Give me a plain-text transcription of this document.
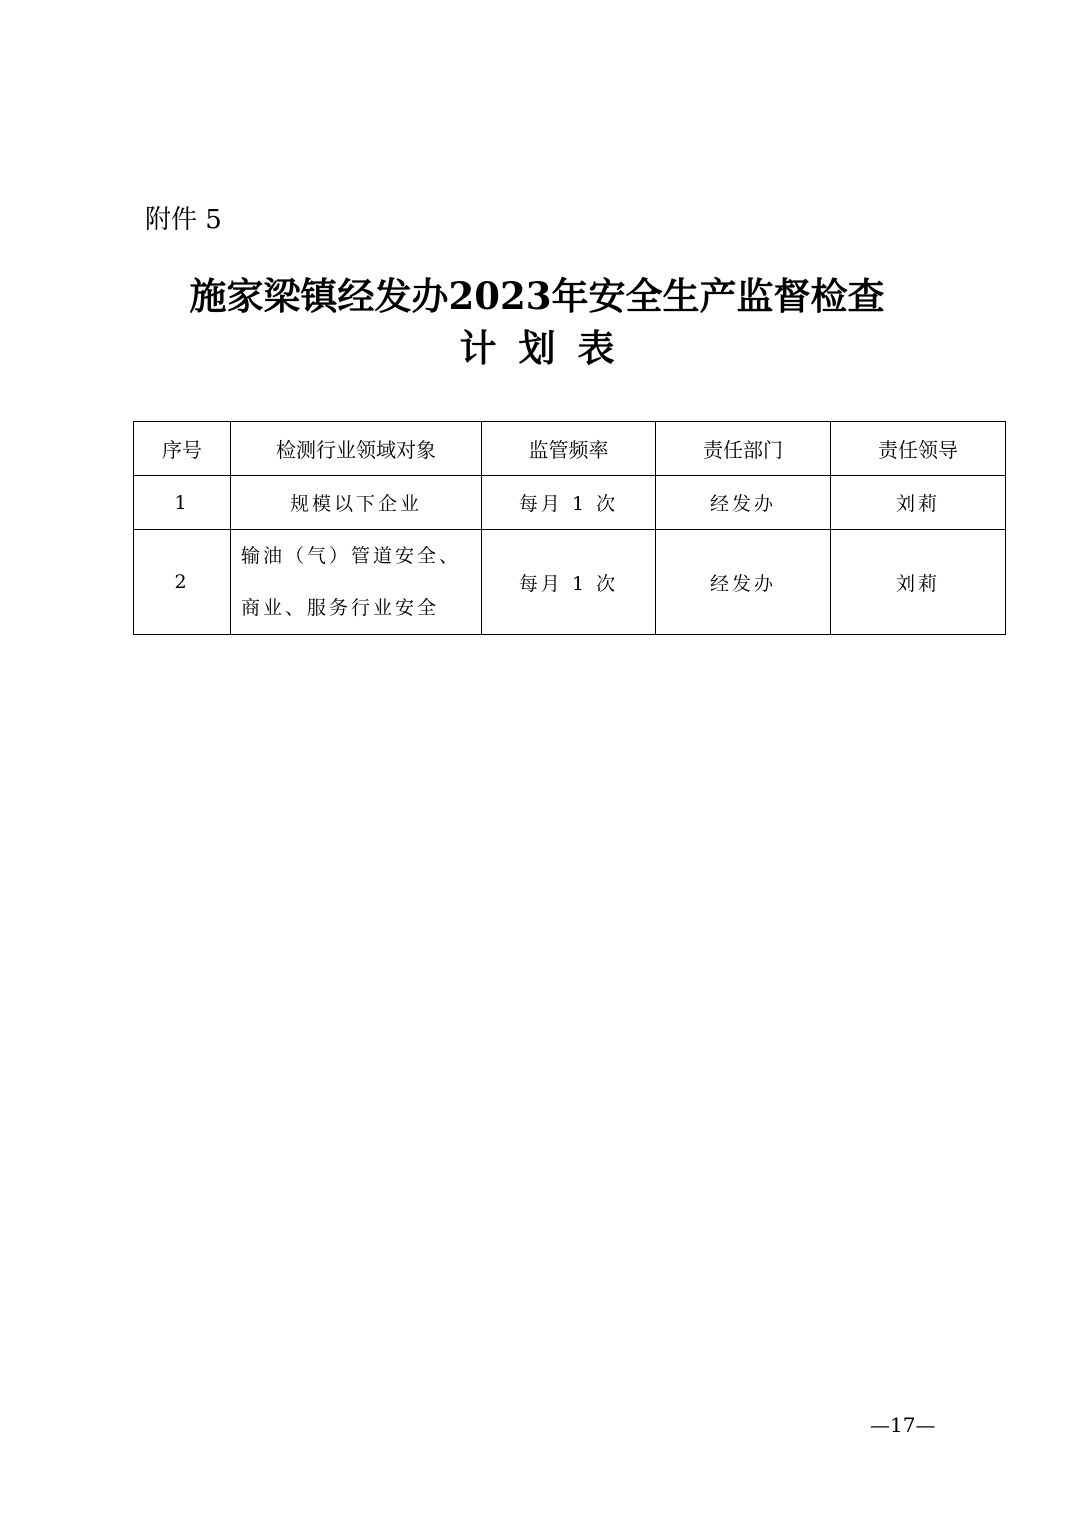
附件 5
施家梁镇经发办2023年安全生产监督检查
计划表
序号	检测行业领域对象	监管频率	责任部门	责任领导
1	规模以下企业	每月 1 次	经发办	刘莉
2	输油（气）管道安全、商业、服务行业安全	每月 1 次	经发办	刘莉
—17—
